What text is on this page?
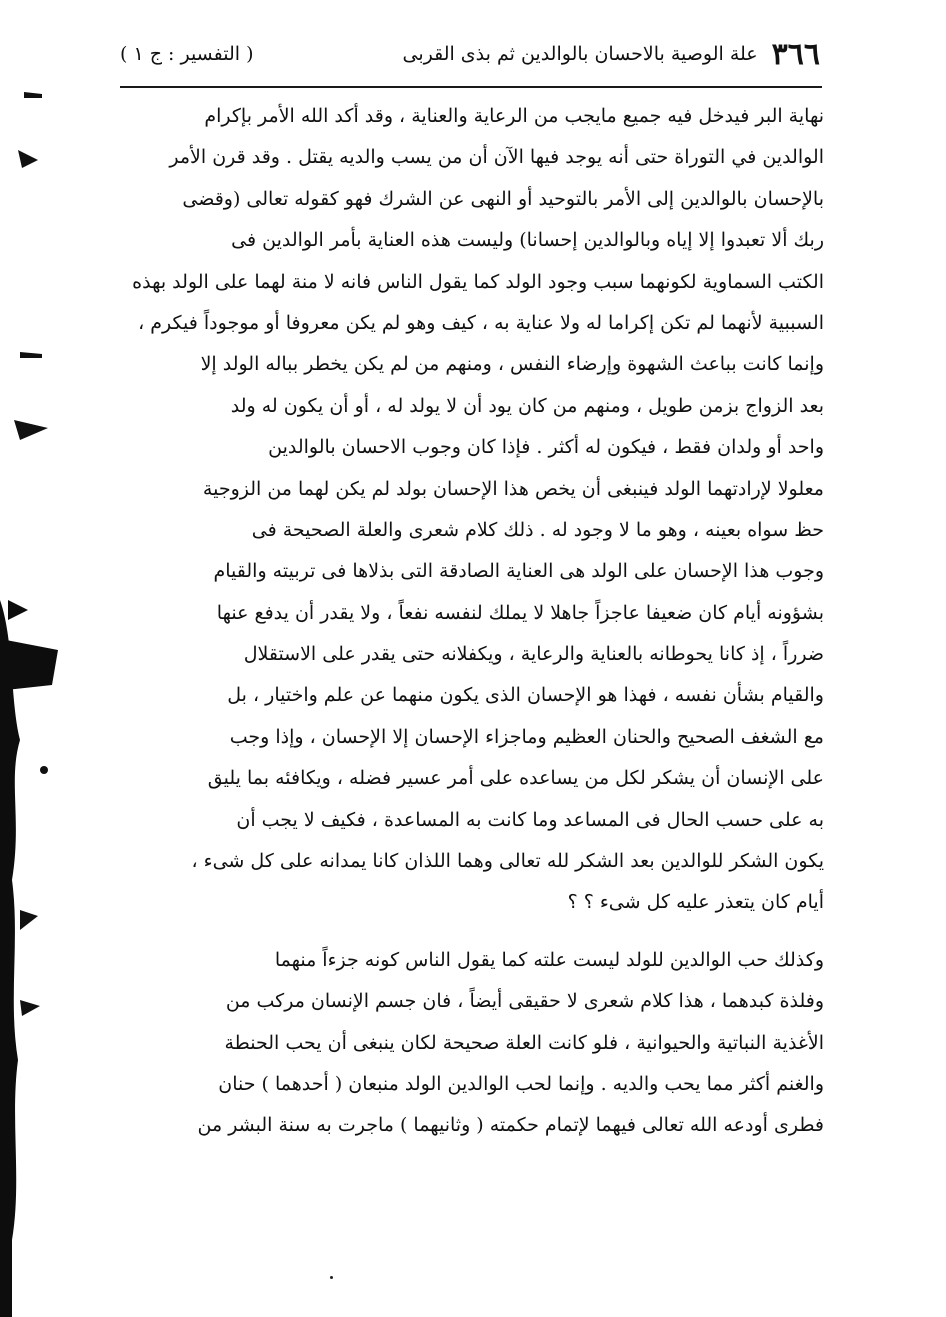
٣٦٦
علة الوصية بالاحسان بالوالدين ثم بذى القربى
( التفسير : ج ١ )
نهاية البر فيدخل فيه جميع مايجب من الرعاية والعناية ، وقد أكد الله الأمر بإكرام
الوالدين في التوراة حتى أنه يوجد فيها الآن أن من يسب والديه يقتل . وقد قرن الأمر
بالإحسان بالوالدين إلى الأمر بالتوحيد أو النهى عن الشرك فهو كقوله تعالى (وقضى
ربك ألا تعبدوا إلا إياه وبالوالدين إحسانا) وليست هذه العناية بأمر الوالدين فى
الكتب السماوية لكونهما سبب وجود الولد كما يقول الناس فانه لا منة لهما على الولد بهذه
السببية لأنهما لم تكن إكراما له ولا عناية به ، كيف وهو لم يكن معروفا أو موجوداً فيكرم ،
وإنما كانت بباعث الشهوة وإرضاء النفس ، ومنهم من لم يكن يخطر بباله الولد إلا
بعد الزواج بزمن طويل ، ومنهم من كان يود أن لا يولد له ، أو أن يكون له ولد
واحد أو ولدان فقط ، فيكون له أكثر . فإذا كان وجوب الاحسان بالوالدين
معلولا لإرادتهما الولد فينبغى أن يخص هذا الإحسان بولد لم يكن لهما من الزوجية
حظ سواه بعينه ، وهو ما لا وجود له . ذلك كلام شعرى والعلة الصحيحة فى
وجوب هذا الإحسان على الولد هى العناية الصادقة التى بذلاها فى تربيته والقيام
بشؤونه أيام كان ضعيفا عاجزاً جاهلا لا يملك لنفسه نفعاً ، ولا يقدر أن يدفع عنها
ضرراً ، إذ كانا يحوطانه بالعناية والرعاية ، ويكفلانه حتى يقدر على الاستقلال
والقيام بشأن نفسه ، فهذا هو الإحسان الذى يكون منهما عن علم واختيار ، بل
مع الشغف الصحيح والحنان العظيم وماجزاء الإحسان إلا الإحسان ، وإذا وجب
على الإنسان أن يشكر لكل من يساعده على أمر عسير فضله ، ويكافئه بما يليق
به على حسب الحال فى المساعد وما كانت به المساعدة ، فكيف لا يجب أن
يكون الشكر للوالدين بعد الشكر لله تعالى وهما اللذان كانا يمدانه على كل شىء ،
أيام كان يتعذر عليه كل شىء ؟ ؟
وكذلك حب الوالدين للولد ليست علته كما يقول الناس كونه جزءاً منهما
وفلذة كبدهما ، هذا كلام شعرى لا حقيقى أيضاً ، فان جسم الإنسان مركب من
الأغذية النباتية والحيوانية ، فلو كانت العلة صحيحة لكان ينبغى أن يحب الحنطة
والغنم أكثر مما يحب والديه . وإنما لحب الوالدين الولد منبعان ( أحدهما ) حنان
فطرى أودعه الله تعالى فيهما لإتمام حكمته ( وثانيهما ) ماجرت به سنة البشر من
